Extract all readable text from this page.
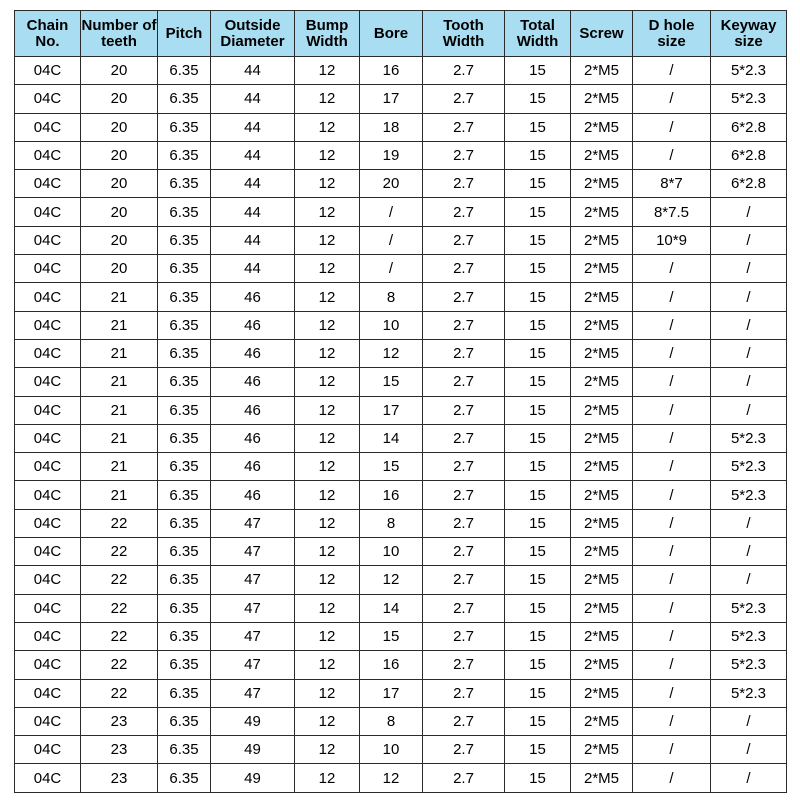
Chain No.	Number of teeth	Pitch	Outside Diameter	Bump Width	Bore	Tooth Width	Total Width	Screw	D hole size	Keyway size
04C	20	6.35	44	12	16	2.7	15	2*M5	/	5*2.3
04C	20	6.35	44	12	17	2.7	15	2*M5	/	5*2.3
04C	20	6.35	44	12	18	2.7	15	2*M5	/	6*2.8
04C	20	6.35	44	12	19	2.7	15	2*M5	/	6*2.8
04C	20	6.35	44	12	20	2.7	15	2*M5	8*7	6*2.8
04C	20	6.35	44	12	/	2.7	15	2*M5	8*7.5	/
04C	20	6.35	44	12	/	2.7	15	2*M5	10*9	/
04C	20	6.35	44	12	/	2.7	15	2*M5	/	/
04C	21	6.35	46	12	8	2.7	15	2*M5	/	/
04C	21	6.35	46	12	10	2.7	15	2*M5	/	/
04C	21	6.35	46	12	12	2.7	15	2*M5	/	/
04C	21	6.35	46	12	15	2.7	15	2*M5	/	/
04C	21	6.35	46	12	17	2.7	15	2*M5	/	/
04C	21	6.35	46	12	14	2.7	15	2*M5	/	5*2.3
04C	21	6.35	46	12	15	2.7	15	2*M5	/	5*2.3
04C	21	6.35	46	12	16	2.7	15	2*M5	/	5*2.3
04C	22	6.35	47	12	8	2.7	15	2*M5	/	/
04C	22	6.35	47	12	10	2.7	15	2*M5	/	/
04C	22	6.35	47	12	12	2.7	15	2*M5	/	/
04C	22	6.35	47	12	14	2.7	15	2*M5	/	5*2.3
04C	22	6.35	47	12	15	2.7	15	2*M5	/	5*2.3
04C	22	6.35	47	12	16	2.7	15	2*M5	/	5*2.3
04C	22	6.35	47	12	17	2.7	15	2*M5	/	5*2.3
04C	23	6.35	49	12	8	2.7	15	2*M5	/	/
04C	23	6.35	49	12	10	2.7	15	2*M5	/	/
04C	23	6.35	49	12	12	2.7	15	2*M5	/	/
